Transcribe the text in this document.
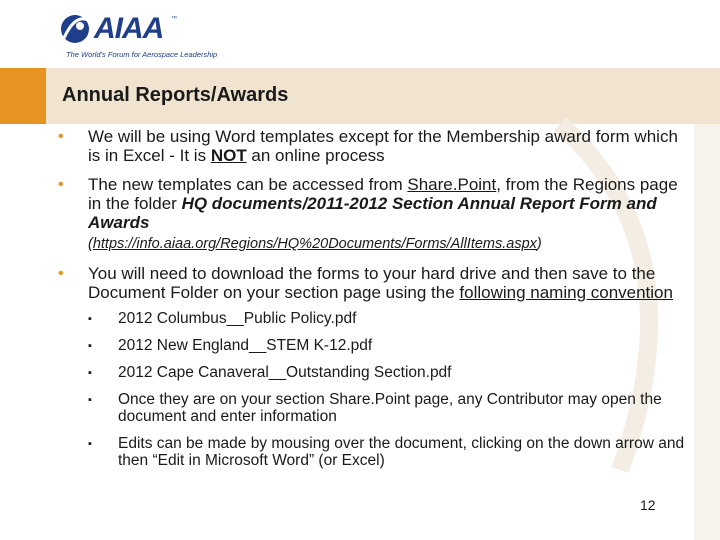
AIAA ™
The World's Forum for Aerospace Leadership
Annual Reports/Awards
• We will be using Word templates except for the Membership award form which is in Excel - It is NOT an online process
• The new templates can be accessed from Share.Point, from the Regions page in the folder HQ documents/2011-2012 Section Annual Report Form and Awards
(https://info.aiaa.org/Regions/HQ%20Documents/Forms/AllItems.aspx)
• You will need to download the forms to your hard drive and then save to the Document Folder on your section page using the following naming convention
▪ 2012 Columbus__Public Policy.pdf
▪ 2012 New England__STEM K-12.pdf
▪ 2012 Cape Canaveral__Outstanding Section.pdf
▪ Once they are on your section Share.Point page, any Contributor may open the document and enter information
▪ Edits can be made by mousing over the document, clicking on the down arrow and then “Edit in Microsoft Word” (or Excel)
12
